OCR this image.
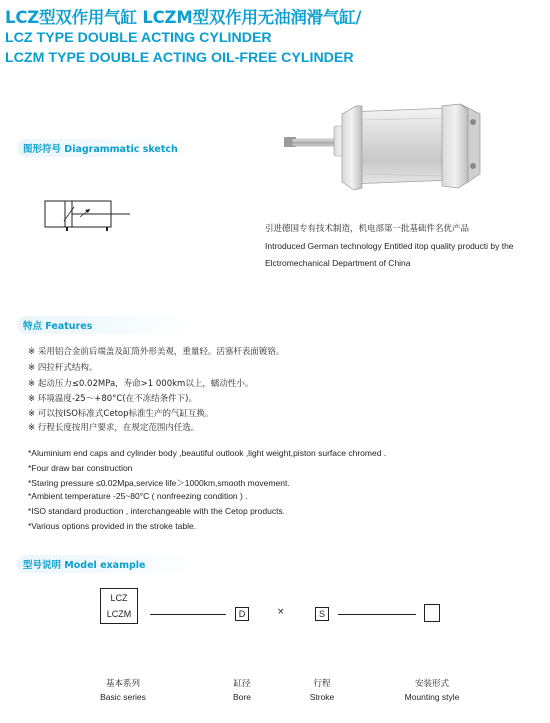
LCZ型双作用气缸 LCZM型双作用无油润滑气缸/
LCZ TYPE DOUBLE ACTING CYLINDER
LCZM TYPE DOUBLE ACTING OIL-FREE CYLINDER
图形符号 Diagrammatic sketch
引进德国专有技术制造，机电部第一批基础件名优产品
Introduced German technology Entitled itop quality producti by the
Elctromechanical Department of China
特点 Features
※ 采用铝合金前后端盖及缸筒外形美观，重量轻。活塞杆表面镀铬。
※ 四拉杆式结构。
※ 起动压力≤0.02MPa，寿命>1 000km以上，蠕动性小。
※ 环境温度-25～+80°C(在不冻结条件下)。
※ 可以按ISO标准式Cetop标准生产的气缸互换。
※ 行程长度按用户要求，在规定范围内任选。
*Aluminium end caps and cylinder body ,beautiful outlook ,light weight,piston surface chromed .
*Four draw bar construction
*Staring pressure ≤0.02Mpa,service life＞1000km,smooth movement.
*Ambient temperature -25~80°C ( nonfreezing condition ) .
*ISO standard production , interchangeable with the Cetop products.
*Various options provided in the stroke table.
型号说明 Model example
LCZ
LCZM	D	×	S
基本系列
Basic series
缸径
Bore
行程
Stroke
安装形式
Mounting style
